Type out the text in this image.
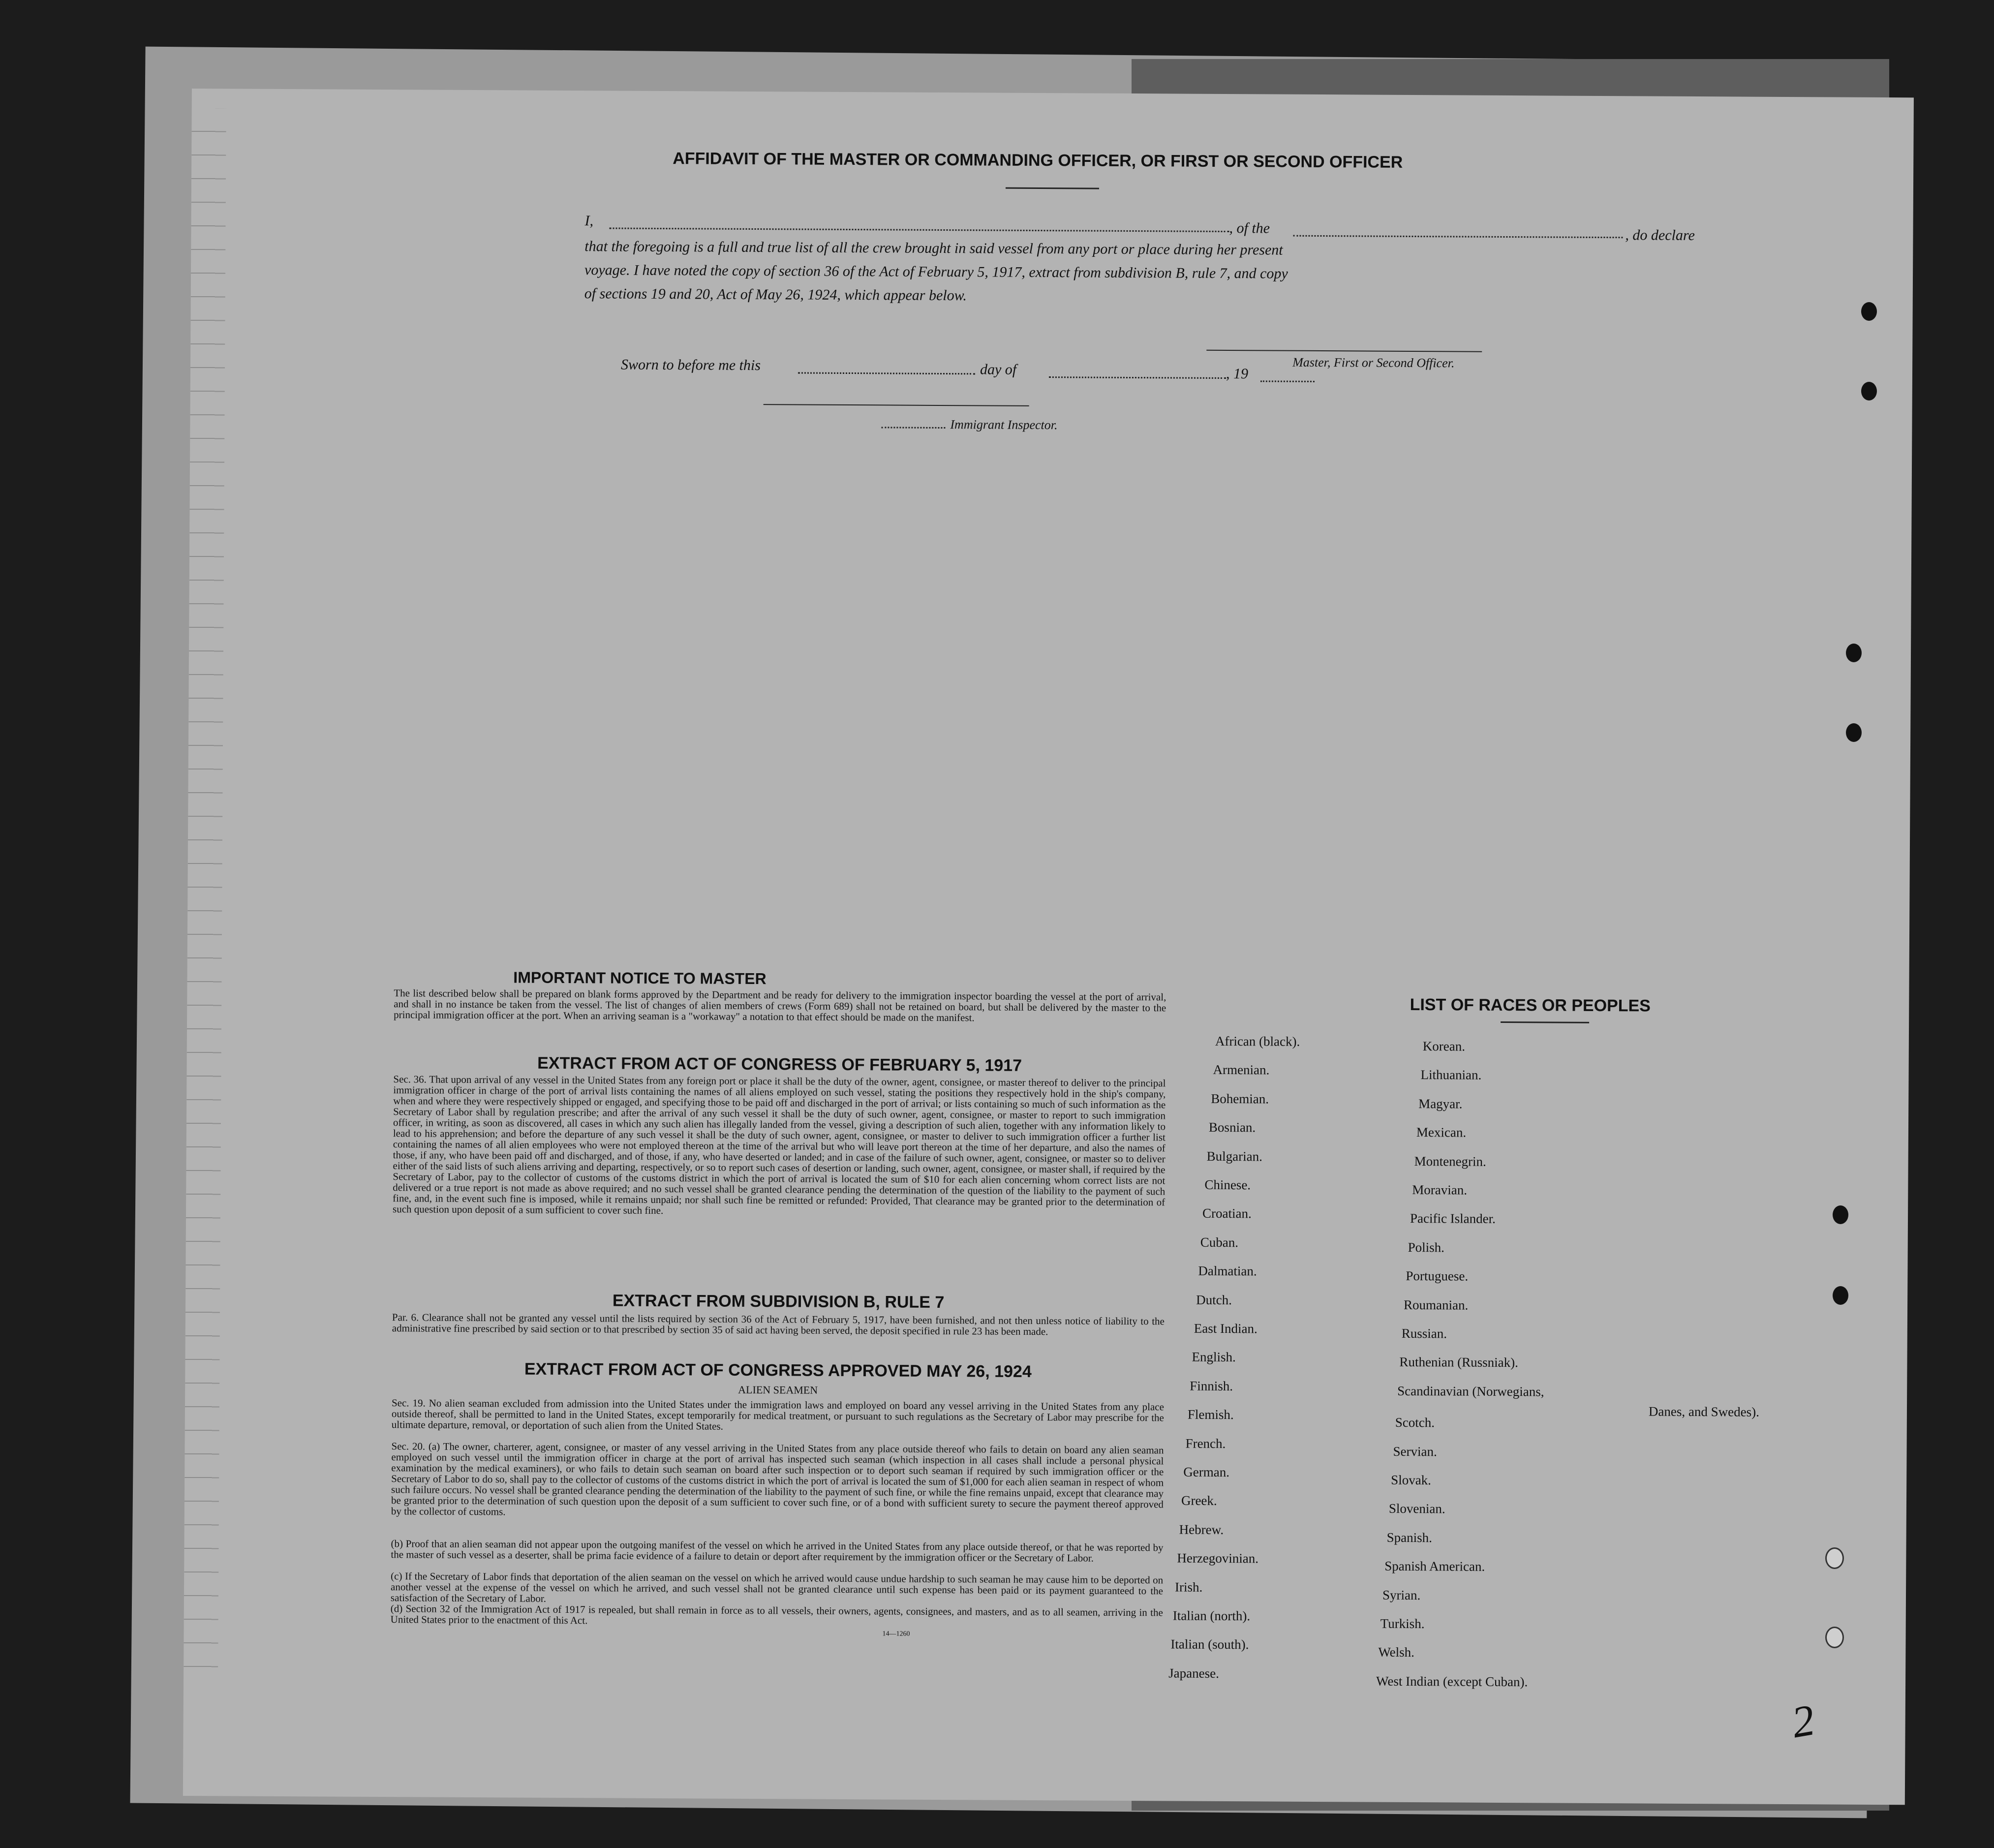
AFFIDAVIT OF THE MASTER OR COMMANDING OFFICER, OR FIRST OR SECOND OFFICER
I,	, of the	, do declare
that the foregoing is a full and true list of all the crew brought in said vessel from any port or place during her present
voyage. I have noted the copy of section 36 of the Act of February 5, 1917, extract from subdivision B, rule 7, and copy
of sections 19 and 20, Act of May 26, 1924, which appear below.
Master, First or Second Officer.
Sworn to before me this	day of	, 19
Immigrant Inspector.
IMPORTANT NOTICE TO MASTER
The list described below shall be prepared on blank forms approved by the Department and be ready for delivery to the immigration inspector boarding the vessel at the port of arrival, and shall in no instance be taken from the vessel. The list of changes of alien members of crews (Form 689) shall not be retained on board, but shall be delivered by the master to the principal immigration officer at the port. When an arriving seaman is a "workaway" a notation to that effect should be made on the manifest.
EXTRACT FROM ACT OF CONGRESS OF FEBRUARY 5, 1917
Sec. 36. That upon arrival of any vessel in the United States from any foreign port or place it shall be the duty of the owner, agent, consignee, or master thereof to deliver to the principal immigration officer in charge of the port of arrival lists containing the names of all aliens employed on such vessel, stating the positions they respectively hold in the ship's company, when and where they were respectively shipped or engaged, and specifying those to be paid off and discharged in the port of arrival; or lists containing so much of such information as the Secretary of Labor shall by regulation prescribe; and after the arrival of any such vessel it shall be the duty of such owner, agent, consignee, or master to report to such immigration officer, in writing, as soon as discovered, all cases in which any such alien has illegally landed from the vessel, giving a description of such alien, together with any information likely to lead to his apprehension; and before the departure of any such vessel it shall be the duty of such owner, agent, consignee, or master to deliver to such immigration officer a further list containing the names of all alien employees who were not employed thereon at the time of the arrival but who will leave port thereon at the time of her departure, and also the names of those, if any, who have been paid off and discharged, and of those, if any, who have deserted or landed; and in case of the failure of such owner, agent, consignee, or master so to deliver either of the said lists of such aliens arriving and departing, respectively, or so to report such cases of desertion or landing, such owner, agent, consignee, or master shall, if required by the Secretary of Labor, pay to the collector of customs of the customs district in which the port of arrival is located the sum of $10 for each alien concerning whom correct lists are not delivered or a true report is not made as above required; and no such vessel shall be granted clearance pending the determination of the question of the liability to the payment of such fine, and, in the event such fine is imposed, while it remains unpaid; nor shall such fine be remitted or refunded: Provided, That clearance may be granted prior to the determination of such question upon deposit of a sum sufficient to cover such fine.
EXTRACT FROM SUBDIVISION B, RULE 7
Par. 6. Clearance shall not be granted any vessel until the lists required by section 36 of the Act of February 5, 1917, have been furnished, and not then unless notice of liability to the administrative fine prescribed by said section or to that prescribed by section 35 of said act having been served, the deposit specified in rule 23 has been made.
EXTRACT FROM ACT OF CONGRESS APPROVED MAY 26, 1924
ALIEN SEAMEN
Sec. 19. No alien seaman excluded from admission into the United States under the immigration laws and employed on board any vessel arriving in the United States from any place outside thereof, shall be permitted to land in the United States, except temporarily for medical treatment, or pursuant to such regulations as the Secretary of Labor may prescribe for the ultimate departure, removal, or deportation of such alien from the United States.
Sec. 20. (a) The owner, charterer, agent, consignee, or master of any vessel arriving in the United States from any place outside thereof who fails to detain on board any alien seaman employed on such vessel until the immigration officer in charge at the port of arrival has inspected such seaman (which inspection in all cases shall include a personal physical examination by the medical examiners), or who fails to detain such seaman on board after such inspection or to deport such seaman if required by such immigration officer or the Secretary of Labor to do so, shall pay to the collector of customs of the customs district in which the port of arrival is located the sum of $1,000 for each alien seaman in respect of whom such failure occurs. No vessel shall be granted clearance pending the determination of the liability to the payment of such fine, or while the fine remains unpaid, except that clearance may be granted prior to the determination of such question upon the deposit of a sum sufficient to cover such fine, or of a bond with sufficient surety to secure the payment thereof approved by the collector of customs.
(b) Proof that an alien seaman did not appear upon the outgoing manifest of the vessel on which he arrived in the United States from any place outside thereof, or that he was reported by the master of such vessel as a deserter, shall be prima facie evidence of a failure to detain or deport after requirement by the immigration officer or the Secretary of Labor.
(c) If the Secretary of Labor finds that deportation of the alien seaman on the vessel on which he arrived would cause undue hardship to such seaman he may cause him to be deported on another vessel at the expense of the vessel on which he arrived, and such vessel shall not be granted clearance until such expense has been paid or its payment guaranteed to the satisfaction of the Secretary of Labor.
(d) Section 32 of the Immigration Act of 1917 is repealed, but shall remain in force as to all vessels, their owners, agents, consignees, and masters, and as to all seamen, arriving in the United States prior to the enactment of this Act.
14—1260
LIST OF RACES OR PEOPLES
African (black).
Armenian.
Bohemian.
Bosnian.
Bulgarian.
Chinese.
Croatian.
Cuban.
Dalmatian.
Dutch.
East Indian.
English.
Finnish.
Flemish.
French.
German.
Greek.
Hebrew.
Herzegovinian.
Irish.
Italian (north).
Italian (south).
Japanese.
Korean.
Lithuanian.
Magyar.
Mexican.
Montenegrin.
Moravian.
Pacific Islander.
Polish.
Portuguese.
Roumanian.
Russian.
Ruthenian (Russniak).
Scandinavian (Norwegians,
Scotch.
Servian.
Slovak.
Slovenian.
Spanish.
Spanish American.
Syrian.
Turkish.
Welsh.
West Indian (except Cuban).
Danes, and Swedes).
2
